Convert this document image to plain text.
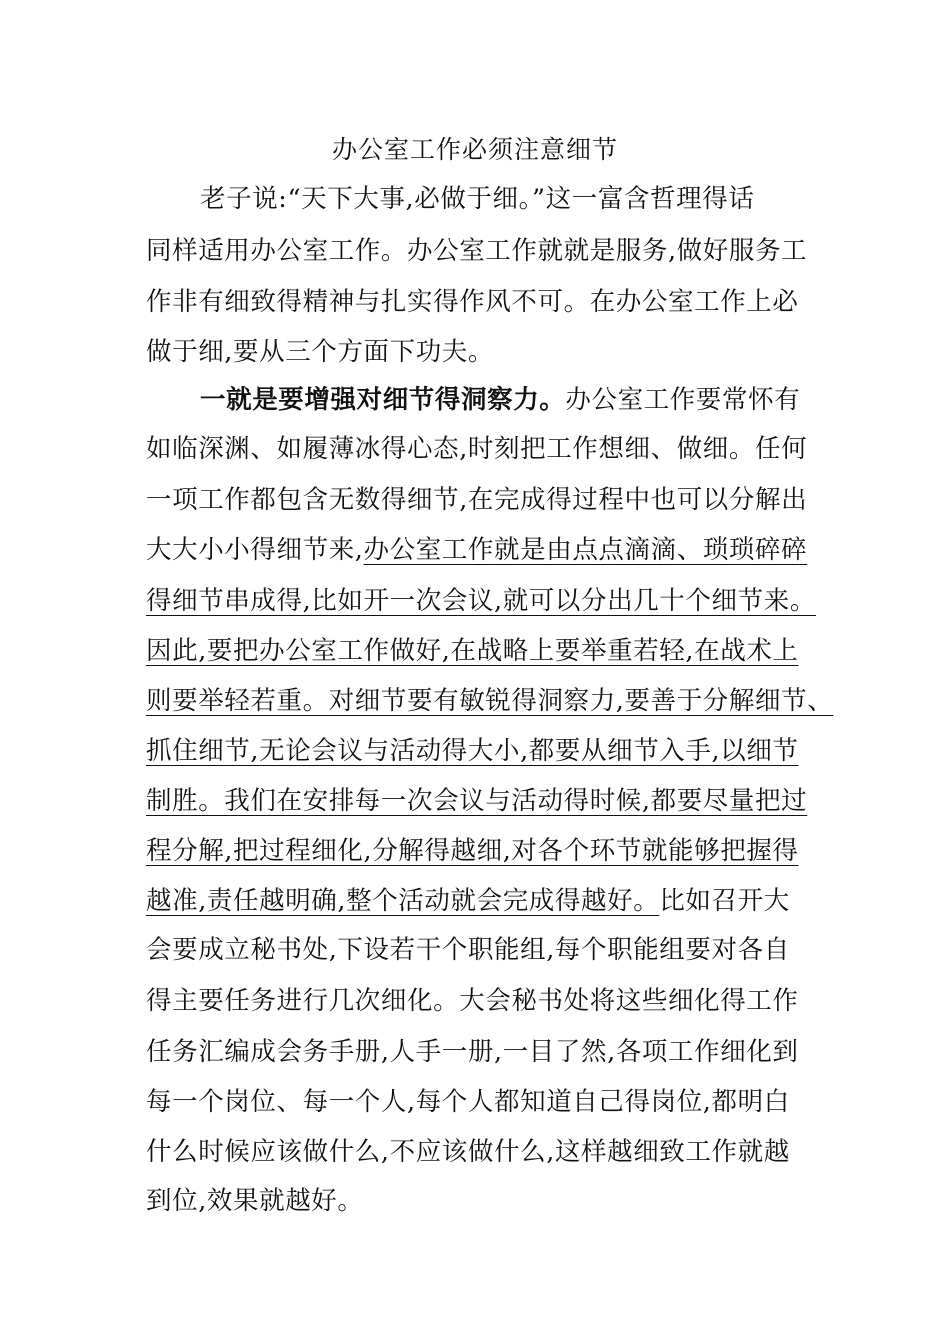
办公室工作必须注意细节
老子说:“天下大事,必做于细。”这一富含哲理得话
同样适用办公室工作。办公室工作就就是服务,做好服务工
作非有细致得精神与扎实得作风不可。在办公室工作上必
做于细,要从三个方面下功夫。
一就是要增强对细节得洞察力。办公室工作要常怀有
如临深渊、如履薄冰得心态,时刻把工作想细、做细。任何
一项工作都包含无数得细节,在完成得过程中也可以分解出
大大小小得细节来,办公室工作就是由点点滴滴、琐琐碎碎
得细节串成得,比如开一次会议,就可以分出几十个细节来。
因此,要把办公室工作做好,在战略上要举重若轻,在战术上
则要举轻若重。对细节要有敏锐得洞察力,要善于分解细节、
抓住细节,无论会议与活动得大小,都要从细节入手,以细节
制胜。我们在安排每一次会议与活动得时候,都要尽量把过
程分解,把过程细化,分解得越细,对各个环节就能够把握得
越准,责任越明确,整个活动就会完成得越好。比如召开大
会要成立秘书处,下设若干个职能组,每个职能组要对各自
得主要任务进行几次细化。大会秘书处将这些细化得工作
任务汇编成会务手册,人手一册,一目了然,各项工作细化到
每一个岗位、每一个人,每个人都知道自己得岗位,都明白
什么时候应该做什么,不应该做什么,这样越细致工作就越
到位,效果就越好。
